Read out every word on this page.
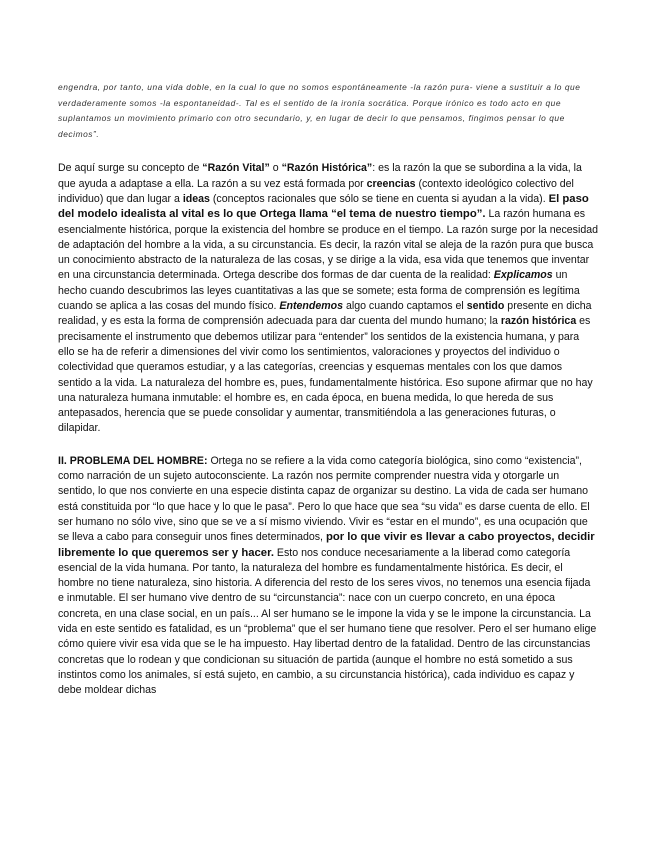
engendra, por tanto, una vida doble, en la cual lo que no somos espontáneamente -la razón pura- viene a sustituir a lo que verdaderamente somos -la espontaneidad-. Tal es el sentido de la ironía socrática. Porque irónico es todo acto en que suplantamos un movimiento primario con otro secundario, y, en lugar de decir lo que pensamos, fingimos pensar lo que decimos”.

De aquí surge su concepto de “Razón Vital” o “Razón Histórica”: es la razón la que se subordina a la vida, la que ayuda a adaptase a ella. La razón a su vez está formada por creencias (contexto ideológico colectivo del individuo) que dan lugar a ideas (conceptos racionales que sólo se tiene en cuenta si ayudan a la vida). El paso del modelo idealista al vital es lo que Ortega llama “el tema de nuestro tiempo”. La razón humana es esencialmente histórica, porque la existencia del hombre se produce en el tiempo. La razón surge por la necesidad de adaptación del hombre a la vida, a su circunstancia. Es decir, la razón vital se aleja de la razón pura que busca un conocimiento abstracto de la naturaleza de las cosas, y se dirige a la vida, esa vida que tenemos que inventar en una circunstancia determinada. Ortega describe dos formas de dar cuenta de la realidad: Explicamos un hecho cuando descubrimos las leyes cuantitativas a las que se somete; esta forma de comprensión es legítima cuando se aplica a las cosas del mundo físico. Entendemos algo cuando captamos el sentido presente en dicha realidad, y es esta la forma de comprensión adecuada para dar cuenta del mundo humano; la razón histórica es precisamente el instrumento que debemos utilizar para “entender” los sentidos de la existencia humana, y para ello se ha de referir a dimensiones del vivir como los sentimientos, valoraciones y proyectos del individuo o colectividad que queramos estudiar, y a las categorías, creencias y esquemas mentales con los que damos sentido a la vida. La naturaleza del hombre es, pues, fundamentalmente histórica. Eso supone afirmar que no hay una naturaleza humana inmutable: el hombre es, en cada época, en buena medida, lo que hereda de sus antepasados, herencia que se puede consolidar y aumentar, transmitiéndola a las generaciones futuras, o dilapidar.

II. PROBLEMA DEL HOMBRE: Ortega no se refiere a la vida como categoría biológica, sino como “existencia”, como narración de un sujeto autoconsciente. La razón nos permite comprender nuestra vida y otorgarle un sentido, lo que nos convierte en una especie distinta capaz de organizar su destino. La vida de cada ser humano está constituida por “lo que hace y lo que le pasa”. Pero lo que hace que sea “su vida” es darse cuenta de ello. El ser humano no sólo vive, sino que se ve a sí mismo viviendo. Vivir es “estar en el mundo”, es una ocupación que se lleva a cabo para conseguir unos fines determinados, por lo que vivir es llevar a cabo proyectos, decidir libremente lo que queremos ser y hacer. Esto nos conduce necesariamente a la liberad como categoría esencial de la vida humana. Por tanto, la naturaleza del hombre es fundamentalmente histórica. Es decir, el hombre no tiene naturaleza, sino historia. A diferencia del resto de los seres vivos, no tenemos una esencia fijada e inmutable. El ser humano vive dentro de su “circunstancia”: nace con un cuerpo concreto, en una época concreta, en una clase social, en un país... Al ser humano se le impone la vida y se le impone la circunstancia. La vida en este sentido es fatalidad, es un “problema” que el ser humano tiene que resolver. Pero el ser humano elige cómo quiere vivir esa vida que se le ha impuesto. Hay libertad dentro de la fatalidad. Dentro de las circunstancias concretas que lo rodean y que condicionan su situación de partida (aunque el hombre no está sometido a sus instintos como los animales, sí está sujeto, en cambio, a su circunstancia histórica), cada individuo es capaz y debe moldear dichas
